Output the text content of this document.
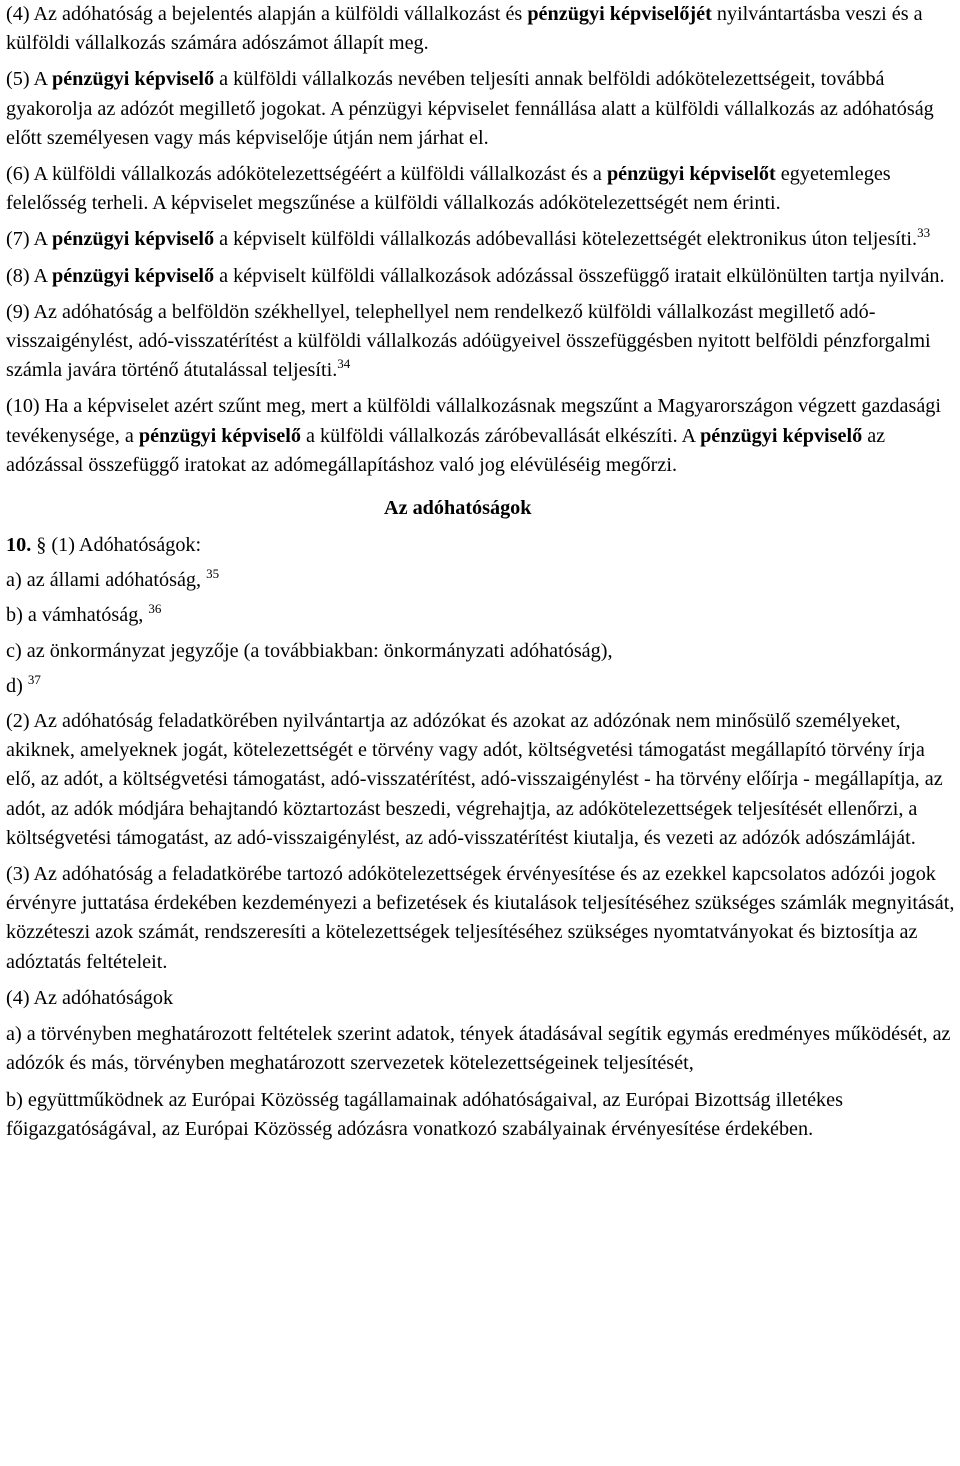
(4) Az adóhatóság a bejelentés alapján a külföldi vállalkozást és pénzügyi képviselőjét nyilvántartásba veszi és a külföldi vállalkozás számára adószámot állapít meg.
(5) A pénzügyi képviselő a külföldi vállalkozás nevében teljesíti annak belföldi adókötelezettségeit, továbbá gyakorolja az adózót megillető jogokat. A pénzügyi képviselet fennállása alatt a külföldi vállalkozás az adóhatóság előtt személyesen vagy más képviselője útján nem járhat el.
(6) A külföldi vállalkozás adókötelezettségéért a külföldi vállalkozást és a pénzügyi képviselőt egyetemleges felelősség terheli. A képviselet megszűnése a külföldi vállalkozás adókötelezettségét nem érinti.
(7) A pénzügyi képviselő a képviselt külföldi vállalkozás adóbevallási kötelezettségét elektronikus úton teljesíti.$^{33}$
(8) A pénzügyi képviselő a képviselt külföldi vállalkozások adózással összefüggő iratait elkülönülten tartja nyilván.
(9) Az adóhatóság a belföldön székhellyel, telephellyel nem rendelkező külföldi vállalkozást megillető adó-visszaigénylést, adó-visszatérítést a külföldi vállalkozás adóügyeivel összefüggésben nyitott belföldi pénzforgalmi számla javára történő átutalással teljesíti.$^{34}$
(10) Ha a képviselet azért szűnt meg, mert a külföldi vállalkozásnak megszűnt a Magyarországon végzett gazdasági tevékenysége, a pénzügyi képviselő a külföldi vállalkozás záróbevallását elkészíti. A pénzügyi képviselő az adózással összefüggő iratokat az adómegállapításhoz való jog elévüléséig megőrzi.
Az adóhatóságok
10. § (1) Adóhatóságok:
a) az állami adóhatóság, $^{35}$
b) a vámhatóság, $^{36}$
c) az önkormányzat jegyzője (a továbbiakban: önkormányzati adóhatóság),
d) $^{37}$
(2) Az adóhatóság feladatkörében nyilvántartja az adózókat és azokat az adózónak nem minősülő személyeket, akiknek, amelyeknek jogát, kötelezettségét e törvény vagy adót, költségvetési támogatást megállapító törvény írja elő, az adót, a költségvetési támogatást, adó-visszatérítést, adó-visszaigénylést - ha törvény előírja - megállapítja, az adót, az adók módjára behajtandó köztartozást beszedi, végrehajtja, az adókötelezettségek teljesítését ellenőrzi, a költségvetési támogatást, az adó-visszaigénylést, az adó-visszatérítést kiutalja, és vezeti az adózók adószámláját.
(3) Az adóhatóság a feladatkörébe tartozó adókötelezettségek érvényesítése és az ezekkel kapcsolatos adózói jogok érvényre juttatása érdekében kezdeményezi a befizetések és kiutalások teljesítéséhez szükséges számlák megnyitását, közzéteszi azok számát, rendszeresíti a kötelezettségek teljesítéséhez szükséges nyomtatványokat és biztosítja az adóztatás feltételeit.
(4) Az adóhatóságok
a) a törvényben meghatározott feltételek szerint adatok, tények átadásával segítik egymás eredményes működését, az adózók és más, törvényben meghatározott szervezetek kötelezettségeinek teljesítését,
b) együttműködnek az Európai Közösség tagállamainak adóhatóságaival, az Európai Bizottság illetékes főigazgatóságával, az Európai Közösség adózásra vonatkozó szabályainak érvényesítése érdekében.
